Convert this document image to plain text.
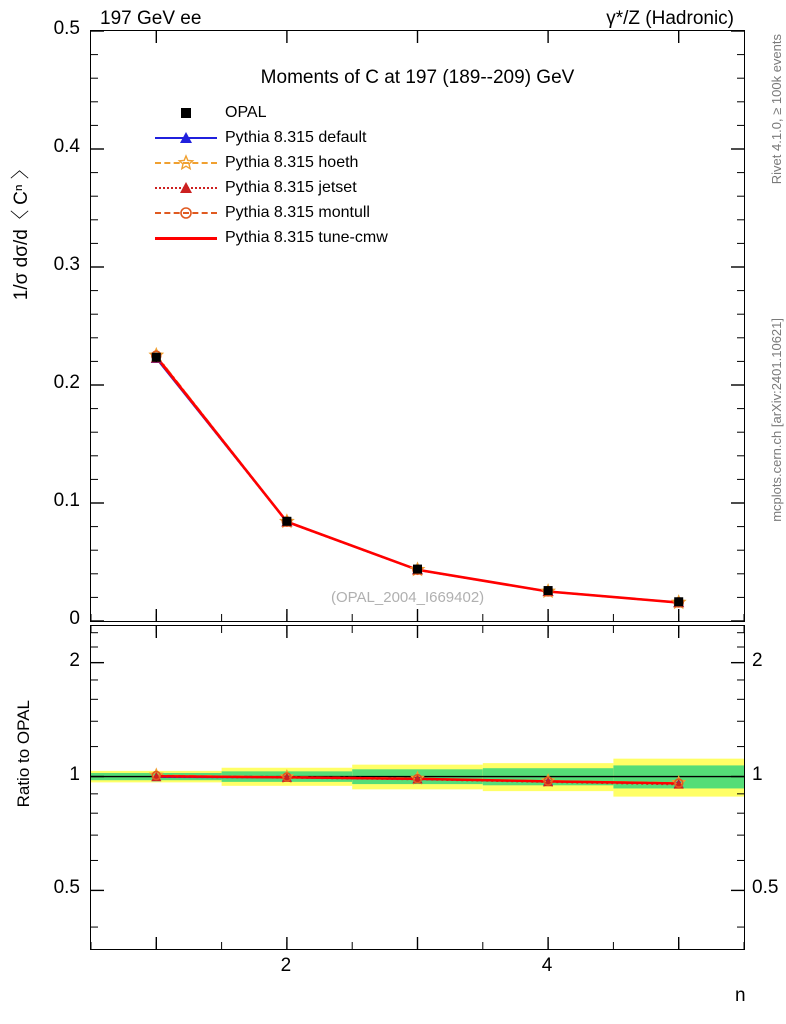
197 GeV ee	γ*/Z (Hadronic)
Rivet 4.1.0, ≥ 100k events
mcplots.cern.ch [arXiv:2401.10621]
Moments of C at 197 (189--209) GeV
(OPAL_2004_I669402)
1/σ dσ/d〈 Cⁿ 〉
0
0.1
0.2
0.3
0.4
0.5
Ratio to OPAL
0.5
1
2
0.5
1
2
2	4
n
OPAL
Pythia 8.315 default
Pythia 8.315 hoeth
Pythia 8.315 jetset
Pythia 8.315 montull
Pythia 8.315 tune-cmw
